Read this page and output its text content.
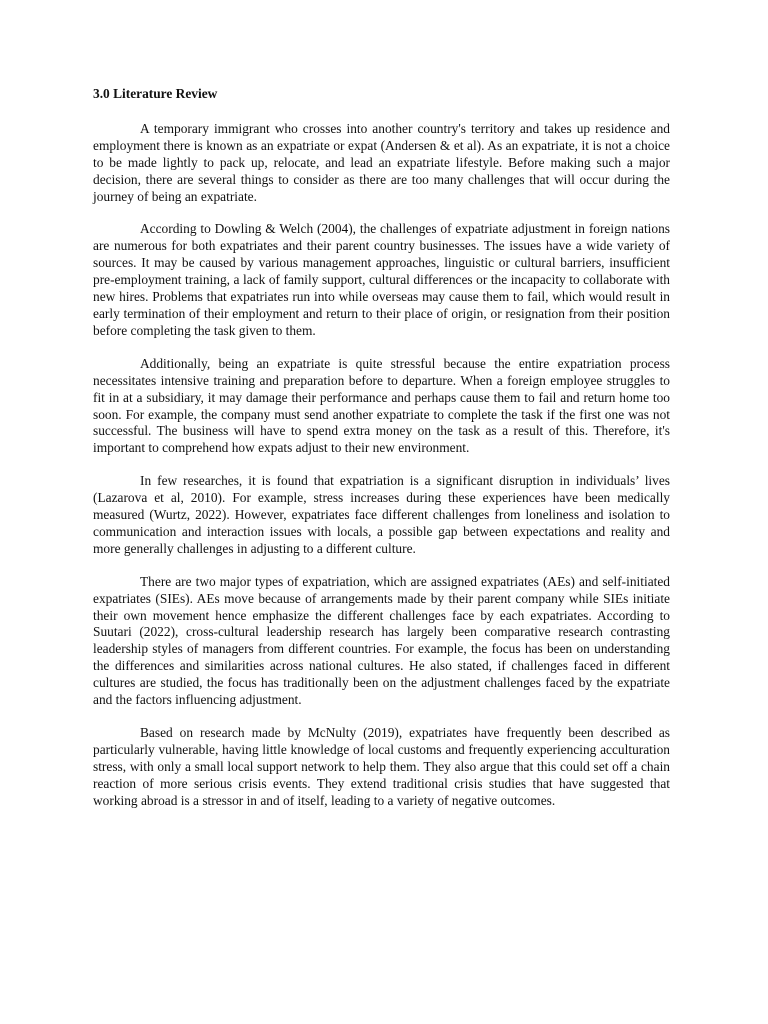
3.0 Literature Review

A temporary immigrant who crosses into another country's territory and takes up residence and employment there is known as an expatriate or expat (Andersen & et al). As an expatriate, it is not a choice to be made lightly to pack up, relocate, and lead an expatriate lifestyle. Before making such a major decision, there are several things to consider as there are too many challenges that will occur during the journey of being an expatriate.

According to Dowling & Welch (2004), the challenges of expatriate adjustment in foreign nations are numerous for both expatriates and their parent country businesses. The issues have a wide variety of sources. It may be caused by various management approaches, linguistic or cultural barriers, insufficient pre-employment training, a lack of family support, cultural differences or the incapacity to collaborate with new hires. Problems that expatriates run into while overseas may cause them to fail, which would result in early termination of their employment and return to their place of origin, or resignation from their position before completing the task given to them.

Additionally, being an expatriate is quite stressful because the entire expatriation process necessitates intensive training and preparation before to departure. When a foreign employee struggles to fit in at a subsidiary, it may damage their performance and perhaps cause them to fail and return home too soon. For example, the company must send another expatriate to complete the task if the first one was not successful. The business will have to spend extra money on the task as a result of this. Therefore, it's important to comprehend how expats adjust to their new environment.

In few researches, it is found that expatriation is a significant disruption in individuals’ lives (Lazarova et al, 2010). For example, stress increases during these experiences have been medically measured (Wurtz, 2022). However, expatriates face different challenges from loneliness and isolation to communication and interaction issues with locals, a possible gap between expectations and reality and more generally challenges in adjusting to a different culture.

There are two major types of expatriation, which are assigned expatriates (AEs) and self-initiated expatriates (SIEs). AEs move because of arrangements made by their parent company while SIEs initiate their own movement hence emphasize the different challenges face by each expatriates. According to Suutari (2022), cross-cultural leadership research has largely been comparative research contrasting leadership styles of managers from different countries. For example, the focus has been on understanding the differences and similarities across national cultures. He also stated, if challenges faced in different cultures are studied, the focus has traditionally been on the adjustment challenges faced by the expatriate and the factors influencing adjustment.

Based on research made by McNulty (2019), expatriates have frequently been described as particularly vulnerable, having little knowledge of local customs and frequently experiencing acculturation stress, with only a small local support network to help them. They also argue that this could set off a chain reaction of more serious crisis events. They extend traditional crisis studies that have suggested that working abroad is a stressor in and of itself, leading to a variety of negative outcomes.
